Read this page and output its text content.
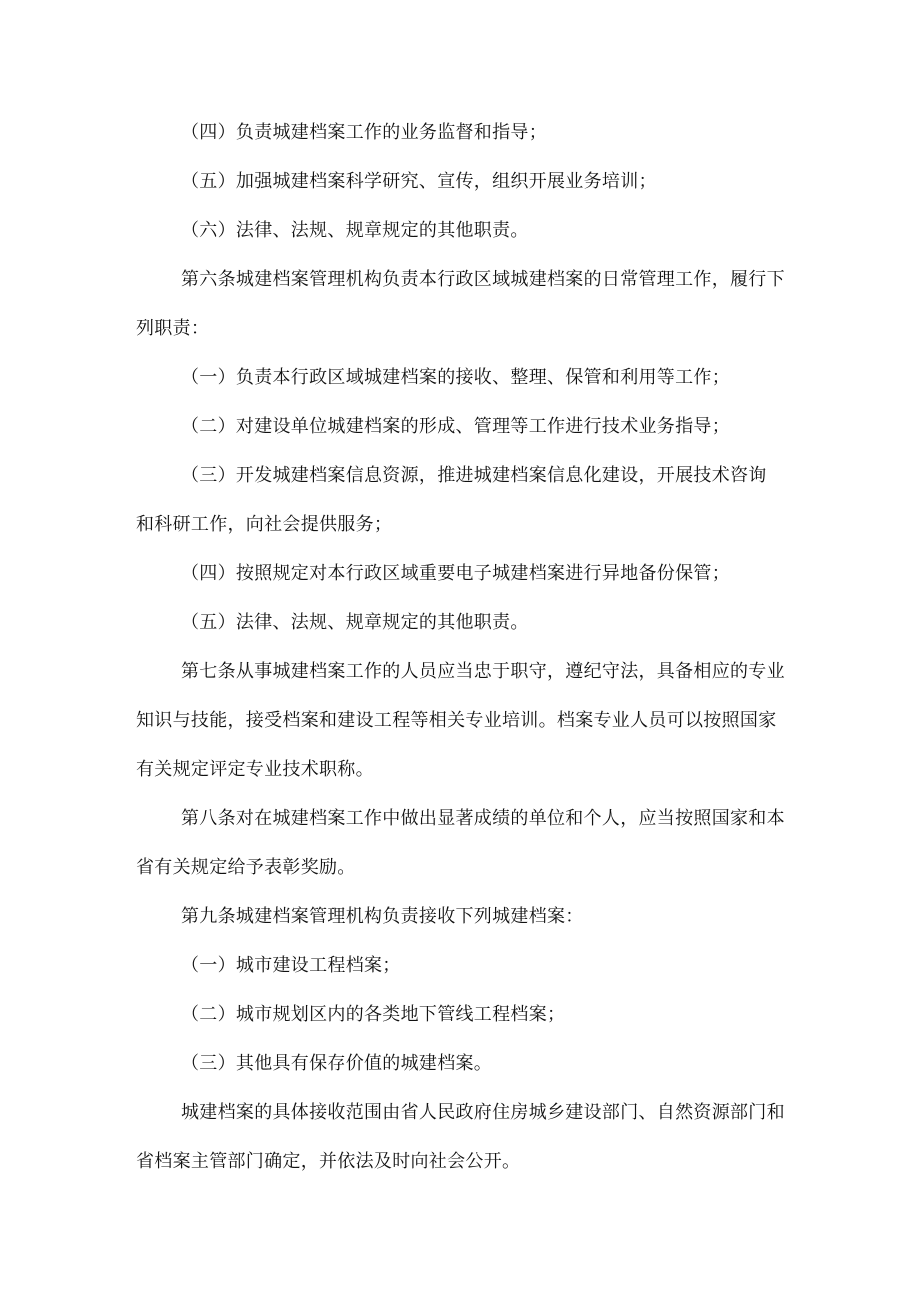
（四）负责城建档案工作的业务监督和指导；
（五）加强城建档案科学研究、宣传，组织开展业务培训；
（六）法律、法规、规章规定的其他职责。
第六条城建档案管理机构负责本行政区域城建档案的日常管理工作，履行下
列职责：
（一）负责本行政区域城建档案的接收、整理、保管和利用等工作；
（二）对建设单位城建档案的形成、管理等工作进行技术业务指导；
（三）开发城建档案信息资源，推进城建档案信息化建设，开展技术咨询
和科研工作，向社会提供服务；
（四）按照规定对本行政区域重要电子城建档案进行异地备份保管；
（五）法律、法规、规章规定的其他职责。
第七条从事城建档案工作的人员应当忠于职守，遵纪守法，具备相应的专业
知识与技能，接受档案和建设工程等相关专业培训。档案专业人员可以按照国家
有关规定评定专业技术职称。
第八条对在城建档案工作中做出显著成绩的单位和个人，应当按照国家和本
省有关规定给予表彰奖励。
第九条城建档案管理机构负责接收下列城建档案：
（一）城市建设工程档案；
（二）城市规划区内的各类地下管线工程档案；
（三）其他具有保存价值的城建档案。
城建档案的具体接收范围由省人民政府住房城乡建设部门、自然资源部门和
省档案主管部门确定，并依法及时向社会公开。
